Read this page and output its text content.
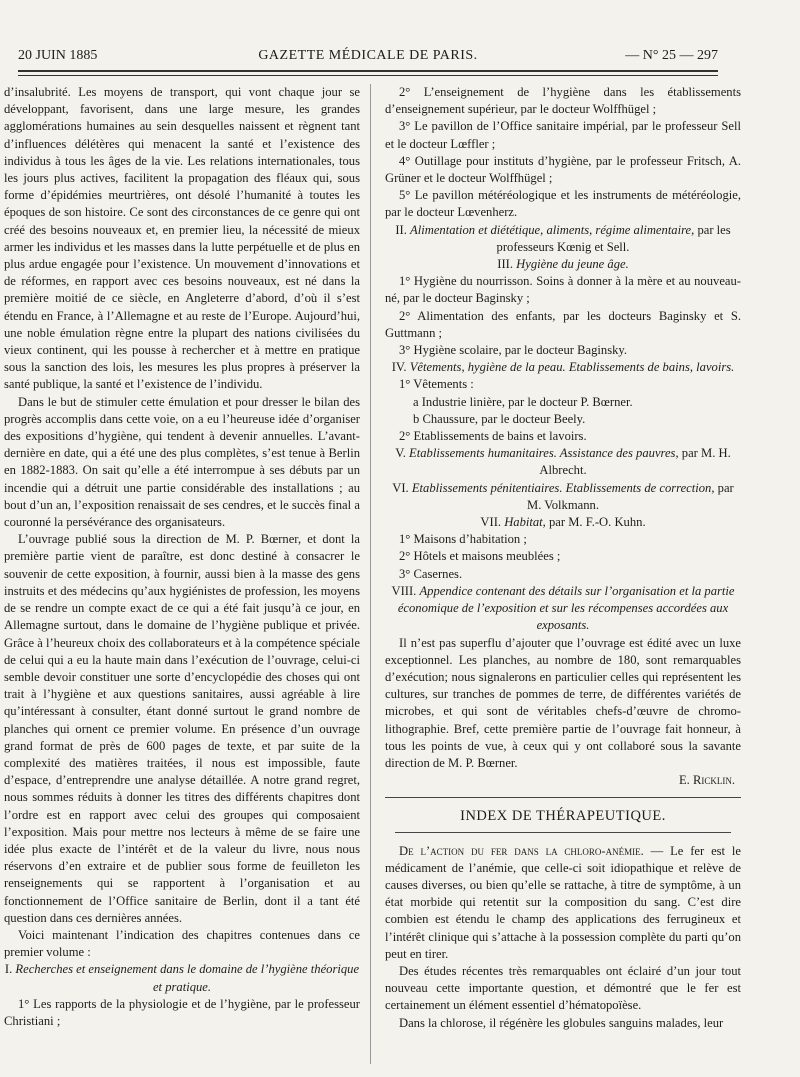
20 JUIN 1885	GAZETTE MÉDICALE DE PARIS.	— N° 25 — 297

d’insalubrité. Les moyens de transport, qui vont chaque jour se développant, favorisent, dans une large mesure, les grandes agglomérations humaines au sein desquelles naissent et règnent tant d’influences délétères qui menacent la santé et l’existence des individus à tous les âges de la vie. Les relations internationales, tous les jours plus actives, facilitent la propagation des fléaux qui, sous forme d’épidémies meurtrières, ont désolé l’humanité à toutes les époques de son histoire. Ce sont des circonstances de ce genre qui ont créé des besoins nouveaux et, en premier lieu, la nécessité de mieux armer les individus et les masses dans la lutte perpétuelle et de plus en plus ardue engagée pour l’existence. Un mouvement d’innovations et de réformes, en rapport avec ces besoins nouveaux, est né dans la première moitié de ce siècle, en Angleterre d’abord, d’où il s’est étendu en France, à l’Allemagne et au reste de l’Europe. Aujourd’hui, une noble émulation règne entre la plupart des nations civilisées du vieux continent, qui les pousse à rechercher et à mettre en pratique sous la sanction des lois, les mesures les plus propres à préserver la santé publique, la santé et l’existence de l’individu.

Dans le but de stimuler cette émulation et pour dresser le bilan des progrès accomplis dans cette voie, on a eu l’heureuse idée d’organiser des expositions d’hygiène, qui tendent à devenir annuelles. L’avant-dernière en date, qui a été une des plus complètes, s’est tenue à Berlin en 1882-1883. On sait qu’elle a été interrompue à ses débuts par un incendie qui a détruit une partie considérable des installations ; au bout d’un an, l’exposition renaissait de ses cendres, et le succès final a couronné la persévérance des organisateurs.

L’ouvrage publié sous la direction de M. P. Bœrner, et dont la première partie vient de paraître, est donc destiné à consacrer le souvenir de cette exposition, à fournir, aussi bien à la masse des gens instruits et des médecins qu’aux hygiénistes de profession, les moyens de se rendre un compte exact de ce qui a été fait jusqu’à ce jour, en Allemagne surtout, dans le domaine de l’hygiène publique et privée. Grâce à l’heureux choix des collaborateurs et à la compétence spéciale de celui qui a eu la haute main dans l’exécution de l’ouvrage, celui-ci semble devoir constituer une sorte d’encyclopédie des choses qui ont trait à l’hygiène et aux questions sanitaires, aussi agréable à lire qu’intéressant à consulter, étant donné surtout le grand nombre de planches qui ornent ce premier volume. En présence d’un ouvrage grand format de près de 600 pages de texte, et par suite de la complexité des matières traitées, il nous est impossible, faute d’espace, d’entreprendre une analyse détaillée. A notre grand regret, nous sommes réduits à donner les titres des différents chapitres dont l’ordre est en rapport avec celui des groupes qui composaient l’exposition. Mais pour mettre nos lecteurs à même de se faire une idée plus exacte de l’intérêt et de la valeur du livre, nous nous réservons d’en extraire et de publier sous forme de feuilleton les renseignements qui se rapportent à l’organisation et au fonctionnement de l’Office sanitaire de Berlin, dont il a tant été question dans ces dernières années.

Voici maintenant l’indication des chapitres contenues dans ce premier volume :

I. Recherches et enseignement dans le domaine de l’hygiène théorique et pratique.

1° Les rapports de la physiologie et de l’hygiène, par le professeur Christiani ;

2° L’enseignement de l’hygiène dans les établissements d’enseignement supérieur, par le docteur Wolffhügel ;

3° Le pavillon de l’Office sanitaire impérial, par le professeur Sell et le docteur Lœffler ;

4° Outillage pour instituts d’hygiène, par le professeur Fritsch, A. Grüner et le docteur Wolffhügel ;

5° Le pavillon météréologique et les instruments de météréologie, par le docteur Lœvenherz.

II. Alimentation et diététique, aliments, régime alimentaire, par les professeurs Kœnig et Sell.

III. Hygiène du jeune âge.

1° Hygiène du nourrisson. Soins à donner à la mère et au nouveau-né, par le docteur Baginsky ;

2° Alimentation des enfants, par les docteurs Baginsky et S. Guttmann ;

3° Hygiène scolaire, par le docteur Baginsky.

IV. Vêtements, hygiène de la peau. Etablissements de bains, lavoirs.

1° Vêtements :

a Industrie linière, par le docteur P. Bœrner.

b Chaussure, par le docteur Beely.

2° Etablissements de bains et lavoirs.

V. Etablissements humanitaires. Assistance des pauvres, par M. H. Albrecht.

VI. Etablissements pénitentiaires. Etablissements de correction, par M. Volkmann.

VII. Habitat, par M. F.-O. Kuhn.

1° Maisons d’habitation ;

2° Hôtels et maisons meublées ;

3° Casernes.

VIII. Appendice contenant des détails sur l’organisation et la partie économique de l’exposition et sur les récompenses accordées aux exposants.

Il n’est pas superflu d’ajouter que l’ouvrage est édité avec un luxe exceptionnel. Les planches, au nombre de 180, sont remarquables d’exécution; nous signalerons en particulier celles qui représentent les cultures, sur tranches de pommes de terre, de différentes variétés de microbes, et qui sont de véritables chefs-d’œuvre de chromo-lithographie. Bref, cette première partie de l’ouvrage fait honneur, à tous les points de vue, à ceux qui y ont collaboré sous la savante direction de M. P. Bœrner.

E. Ricklin.

INDEX DE THÉRAPEUTIQUE.

De l’action du fer dans la chloro-anémie. — Le fer est le médicament de l’anémie, que celle-ci soit idiopathique et relève de causes diverses, ou bien qu’elle se rattache, à titre de symptôme, à un état morbide qui retentit sur la composition du sang. C’est dire combien est étendu le champ des applications des ferrugineux et l’intérêt clinique qui s’attache à la possession complète du parti qu’on peut en tirer.

Des études récentes très remarquables ont éclairé d’un jour tout nouveau cette importante question, et démontré que le fer est certainement un élément essentiel d’hématopoïèse.

Dans la chlorose, il régénère les globules sanguins malades, leur
